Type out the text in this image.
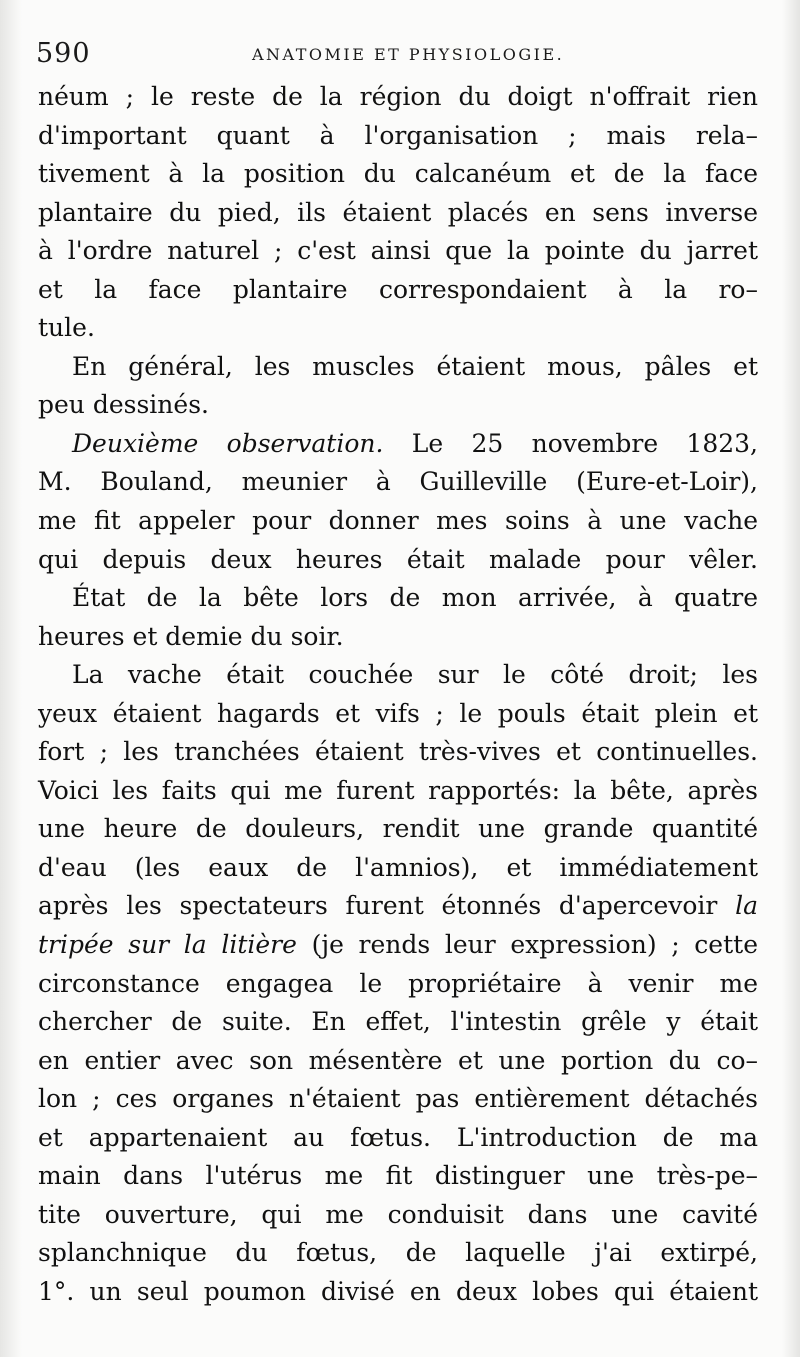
590	ANATOMIE ET PHYSIOLOGIE.
néum ; le reste de la région du doigt n'offrait rien
d'important quant à l'organisation ; mais rela–
tivement à la position du calcanéum et de la face
plantaire du pied, ils étaient placés en sens inverse
à l'ordre naturel ; c'est ainsi que la pointe du jarret
et la face plantaire correspondaient à la ro–
tule.
En général, les muscles étaient mous, pâles et
peu dessinés.
Deuxième observation. Le 25 novembre 1823,
M. Bouland, meunier à Guilleville (Eure-et-Loir),
me fit appeler pour donner mes soins à une vache
qui depuis deux heures était malade pour vêler.
État de la bête lors de mon arrivée, à quatre
heures et demie du soir.
La vache était couchée sur le côté droit; les
yeux étaient hagards et vifs ; le pouls était plein et
fort ; les tranchées étaient très-vives et continuelles.
Voici les faits qui me furent rapportés: la bête, après
une heure de douleurs, rendit une grande quantité
d'eau (les eaux de l'amnios), et immédiatement
après les spectateurs furent étonnés d'apercevoir la
tripée sur la litière (je rends leur expression) ; cette
circonstance engagea le propriétaire à venir me
chercher de suite. En effet, l'intestin grêle y était
en entier avec son mésentère et une portion du co–
lon ; ces organes n'étaient pas entièrement détachés
et appartenaient au fœtus. L'introduction de ma
main dans l'utérus me fit distinguer une très-pe–
tite ouverture, qui me conduisit dans une cavité
splanchnique du fœtus, de laquelle j'ai extirpé,
1°. un seul poumon divisé en deux lobes qui étaient
